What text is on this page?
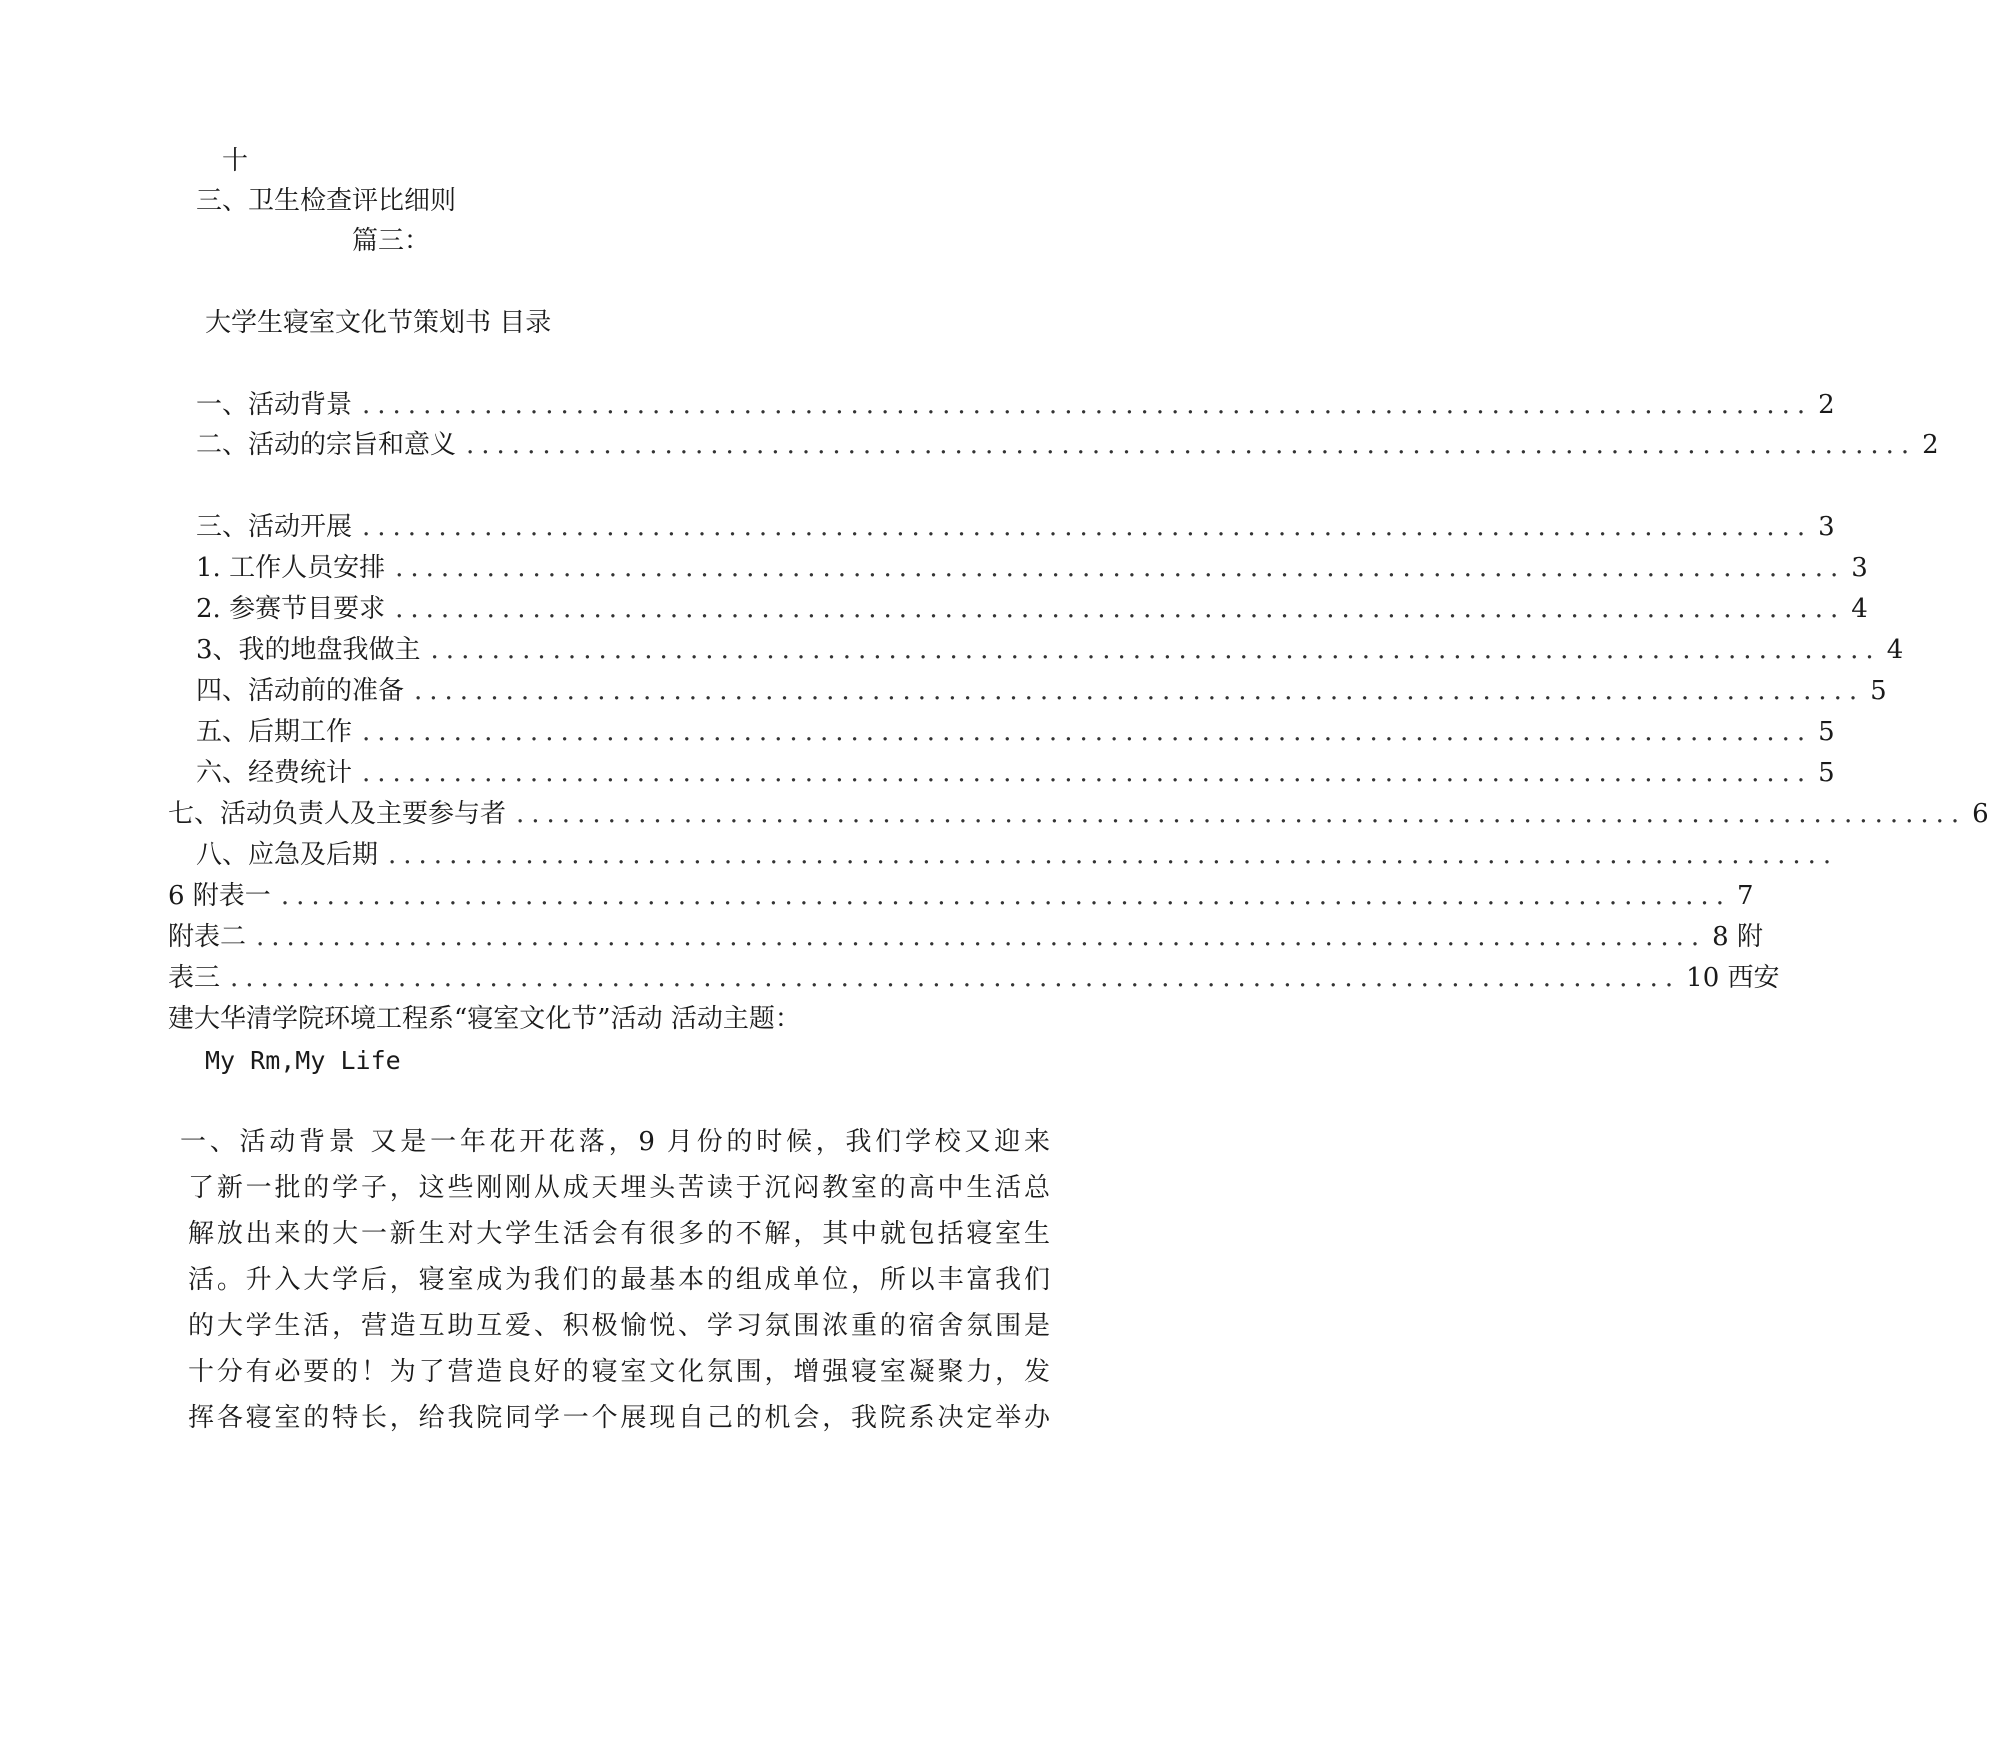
十
三、卫生检查评比细则
篇三：
大学生寝室文化节策划书 目录
一、活动背景 ............................................................................................... 2
二、活动的宗旨和意义 ............................................................................................... 2
三、活动开展 ............................................................................................... 3
1. 工作人员安排 ............................................................................................... 3
2. 参赛节目要求 ............................................................................................... 4
3、我的地盘我做主 ............................................................................................... 4
四、活动前的准备 ............................................................................................... 5
五、后期工作 ............................................................................................... 5
六、经费统计 ............................................................................................... 5
七、活动负责人及主要参与者 ............................................................................................... 6
八、应急及后期 ...............................................................................................
6 附表一 ............................................................................................... 7
附表二 ............................................................................................... 8 附
表三 ............................................................................................... 10 西安
建大华清学院环境工程系“寝室文化节”活动 活动主题：
My Rm,My Life
一、活动背景 又是一年花开花落，9 月份的时候，我们学校又迎来
了新一批的学子，这些刚刚从成天埋头苦读于沉闷教室的高中生活总
解放出来的大一新生对大学生活会有很多的不解，其中就包括寝室生
活。升入大学后，寝室成为我们的最基本的组成单位，所以丰富我们
的大学生活，营造互助互爱、积极愉悦、学习氛围浓重的宿舍氛围是
十分有必要的！为了营造良好的寝室文化氛围，增强寝室凝聚力，发
挥各寝室的特长，给我院同学一个展现自己的机会，我院系决定举办
